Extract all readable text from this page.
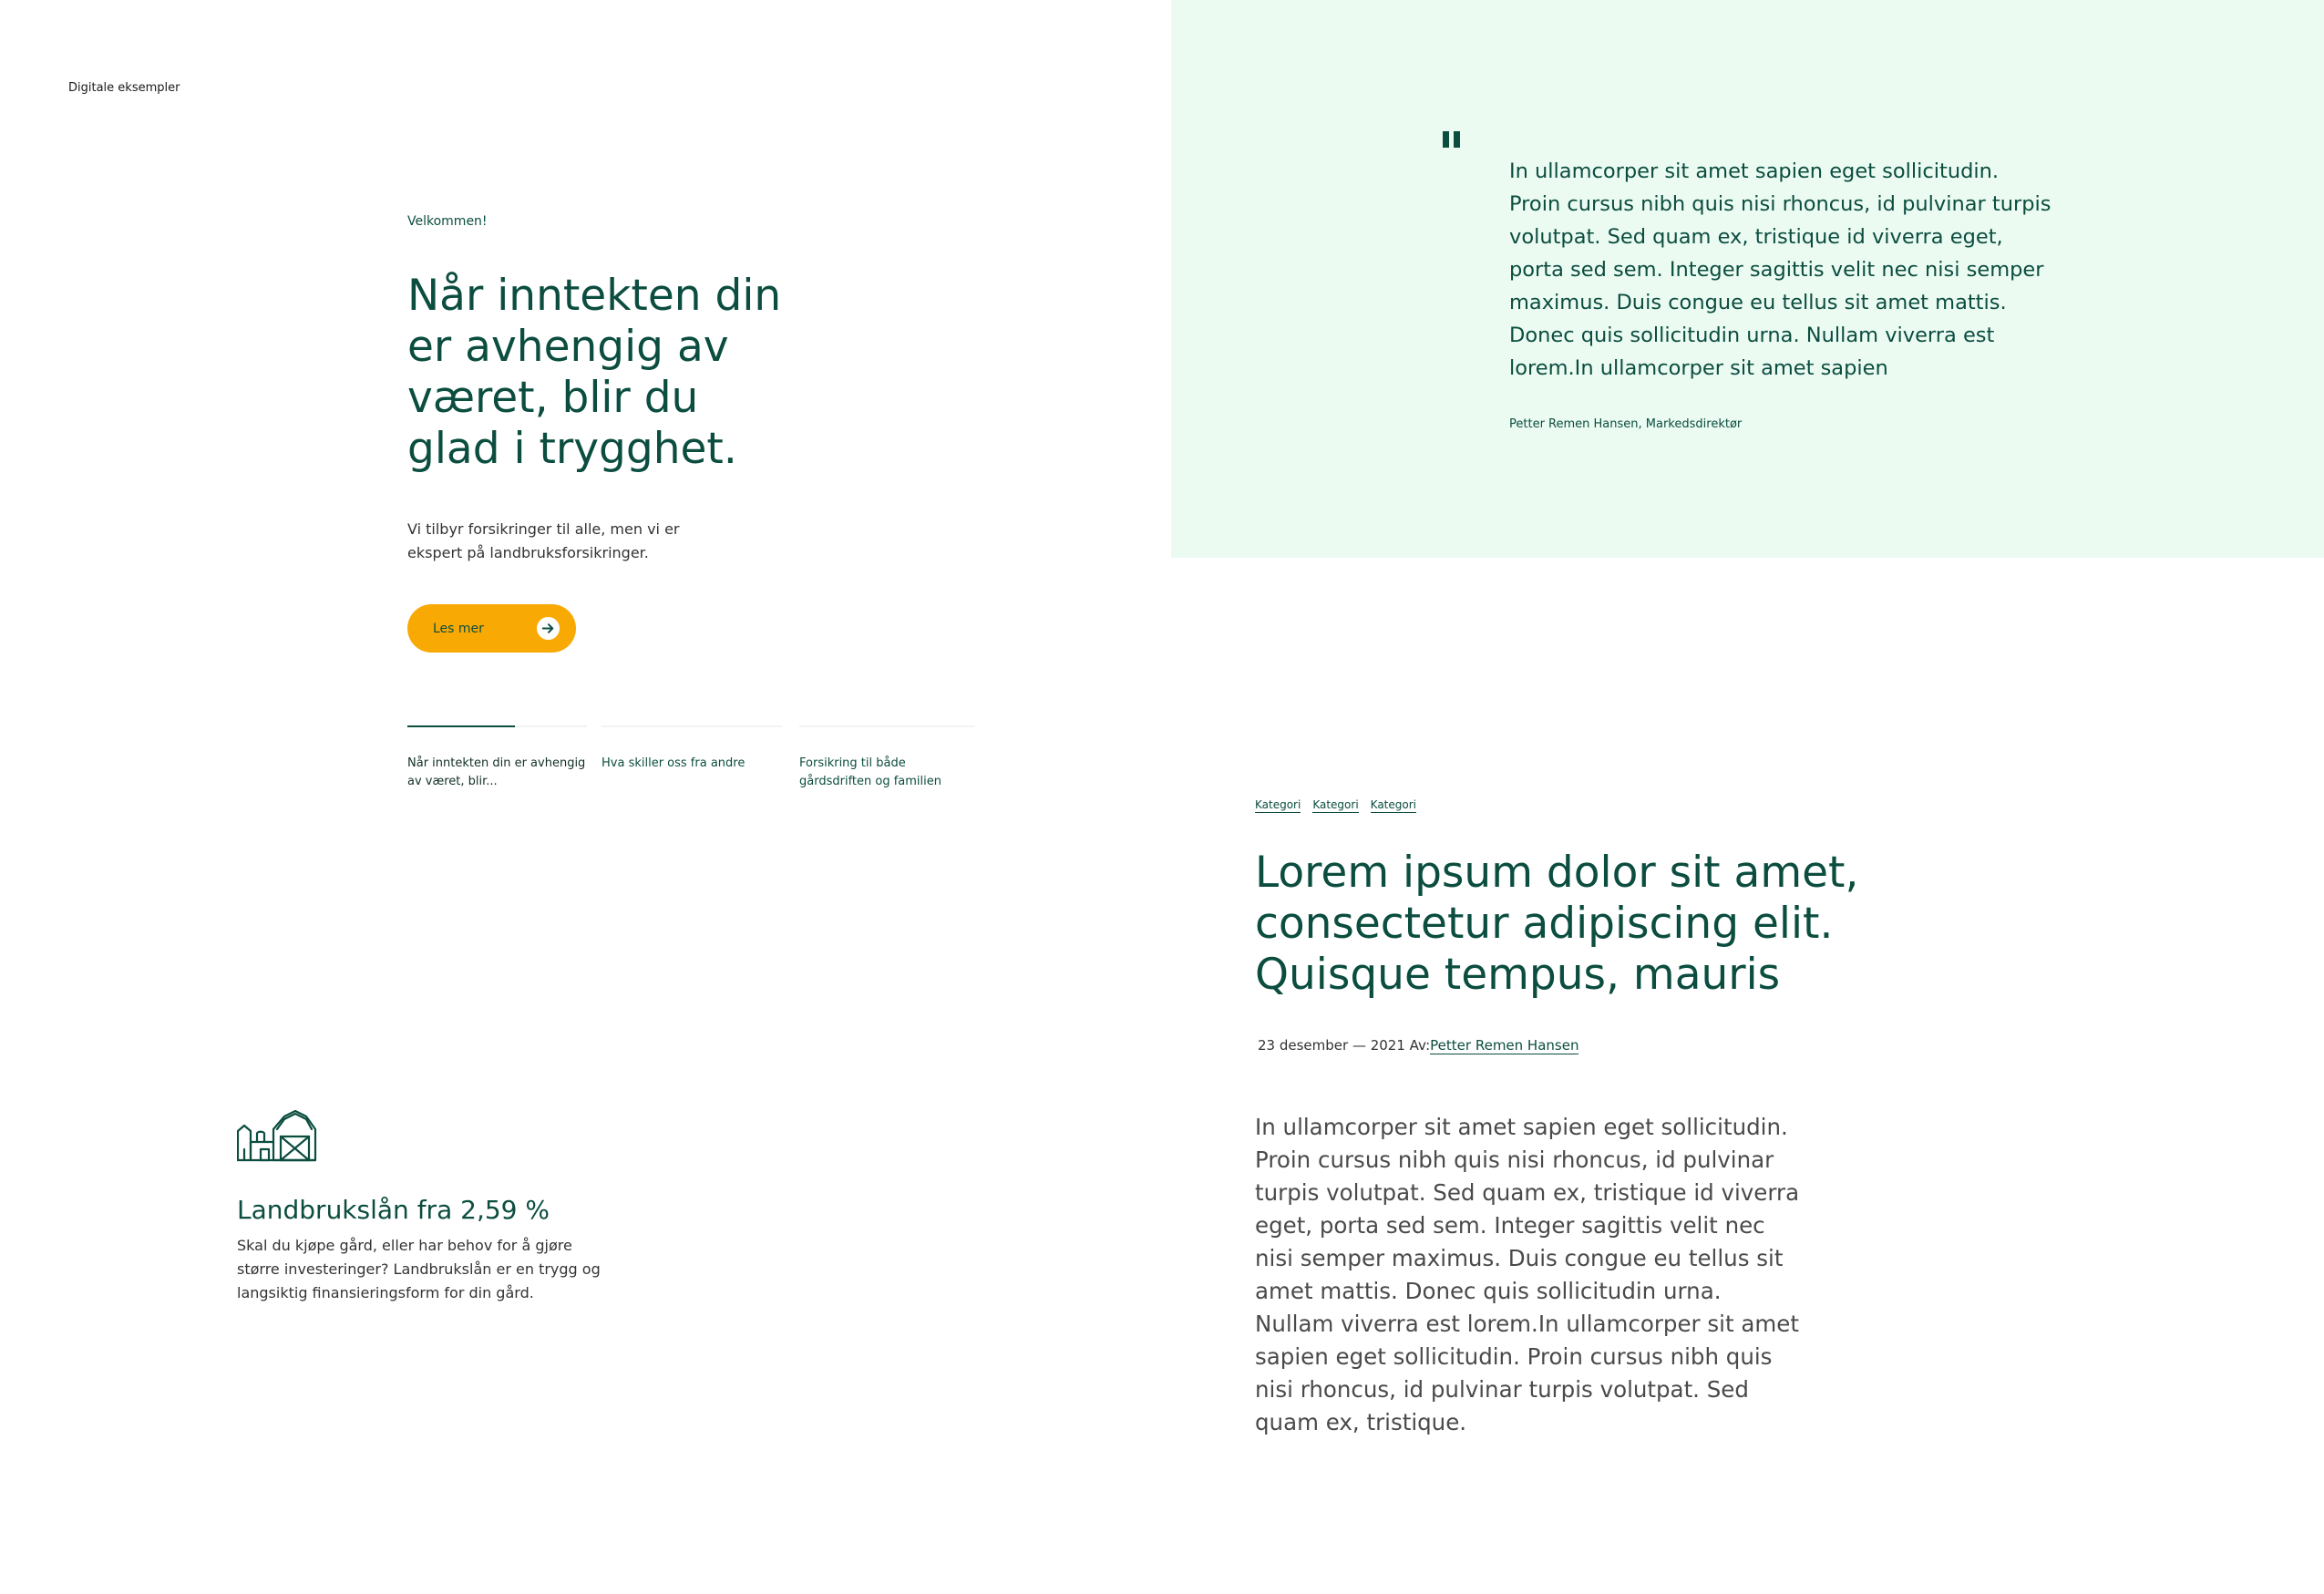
Digitale eksempler
Velkommen!
Når inntekten din er avhengig av været, blir du glad i trygghet.

Vi tilbyr forsikringer til alle, men vi er ekspert på landbruksforsikringer.

Les mer
Når inntekten din er avhengig av været, blir...
Hva skiller oss fra andre	Forsikring til både gårdsdriften og familien
Landbrukslån fra 2,59 %

Skal du kjøpe gård, eller har behov for å gjøre større investeringer? Landbrukslån er en trygg og langsiktig finansieringsform for din gård.

In ullamcorper sit amet sapien eget sollicitudin. Proin cursus nibh quis nisi rhoncus, id pulvinar turpis volutpat. Sed quam ex, tristique id viverra eget, porta sed sem. Integer sagittis velit nec nisi semper maximus. Duis congue eu tellus sit amet mattis. Donec quis sollicitudin urna. Nullam viverra est lorem.In ullamcorper sit amet sapien

Petter Remen Hansen, Markedsdirektør
Kategori Kategori Kategori
Lorem ipsum dolor sit amet, consectetur adipiscing elit. Quisque tempus, mauris
23 desember — 2021 Av:Petter Remen Hansen

In ullamcorper sit amet sapien eget sollicitudin. Proin cursus nibh quis nisi rhoncus, id pulvinar turpis volutpat. Sed quam ex, tristique id viverra eget, porta sed sem. Integer sagittis velit nec nisi semper maximus. Duis congue eu tellus sit amet mattis. Donec quis sollicitudin urna. Nullam viverra est lorem.In ullamcorper sit amet sapien eget sollicitudin. Proin cursus nibh quis nisi rhoncus, id pulvinar turpis volutpat. Sed quam ex, tristique.
